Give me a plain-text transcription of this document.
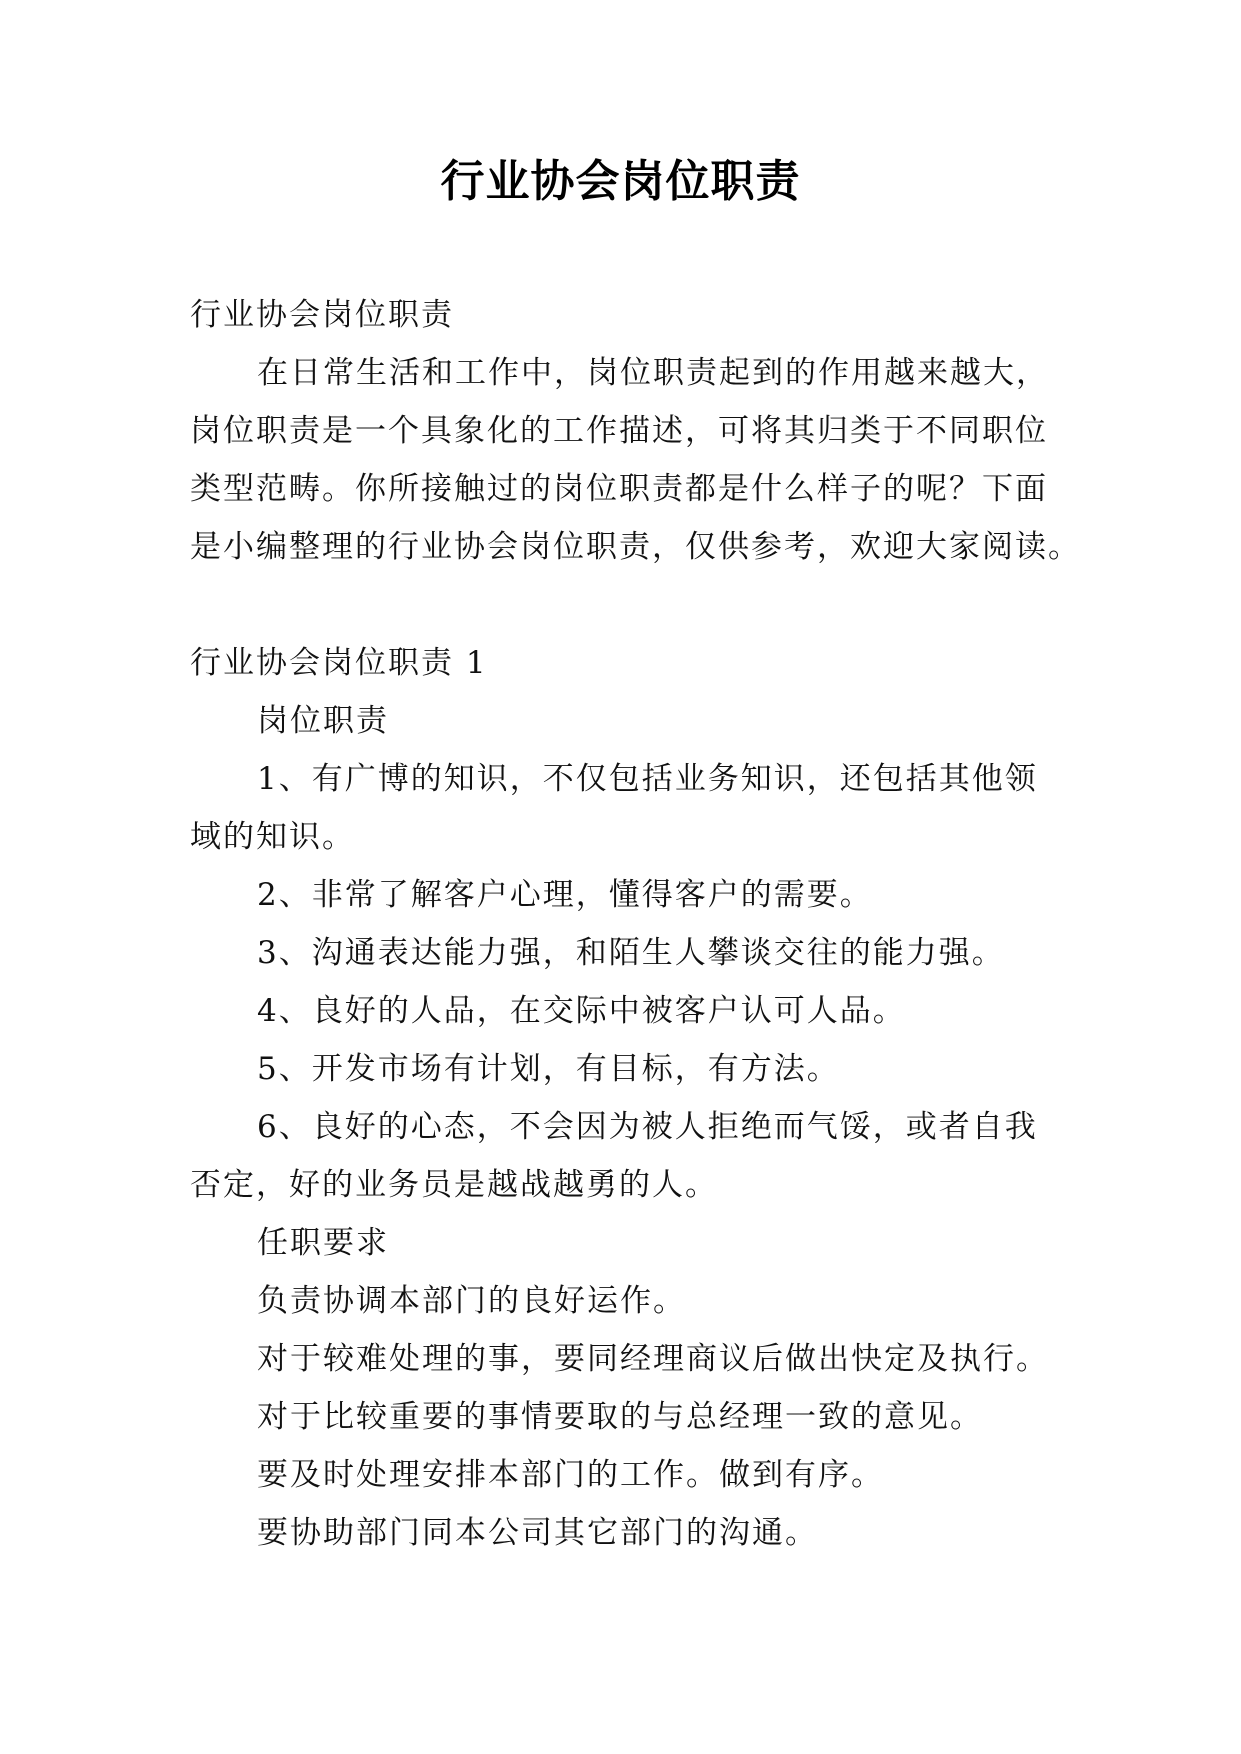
行业协会岗位职责
行业协会岗位职责
在日常生活和工作中，岗位职责起到的作用越来越大，
岗位职责是一个具象化的工作描述，可将其归类于不同职位
类型范畴。你所接触过的岗位职责都是什么样子的呢？下面
是小编整理的行业协会岗位职责，仅供参考，欢迎大家阅读。
行业协会岗位职责 1
岗位职责
1、有广博的知识，不仅包括业务知识，还包括其他领
域的知识。
2、非常了解客户心理，懂得客户的需要。
3、沟通表达能力强，和陌生人攀谈交往的能力强。
4、良好的人品，在交际中被客户认可人品。
5、开发市场有计划，有目标，有方法。
6、良好的心态，不会因为被人拒绝而气馁，或者自我
否定，好的业务员是越战越勇的人。
任职要求
负责协调本部门的良好运作。
对于较难处理的事，要同经理商议后做出快定及执行。
对于比较重要的事情要取的与总经理一致的意见。
要及时处理安排本部门的工作。做到有序。
要协助部门同本公司其它部门的沟通。
